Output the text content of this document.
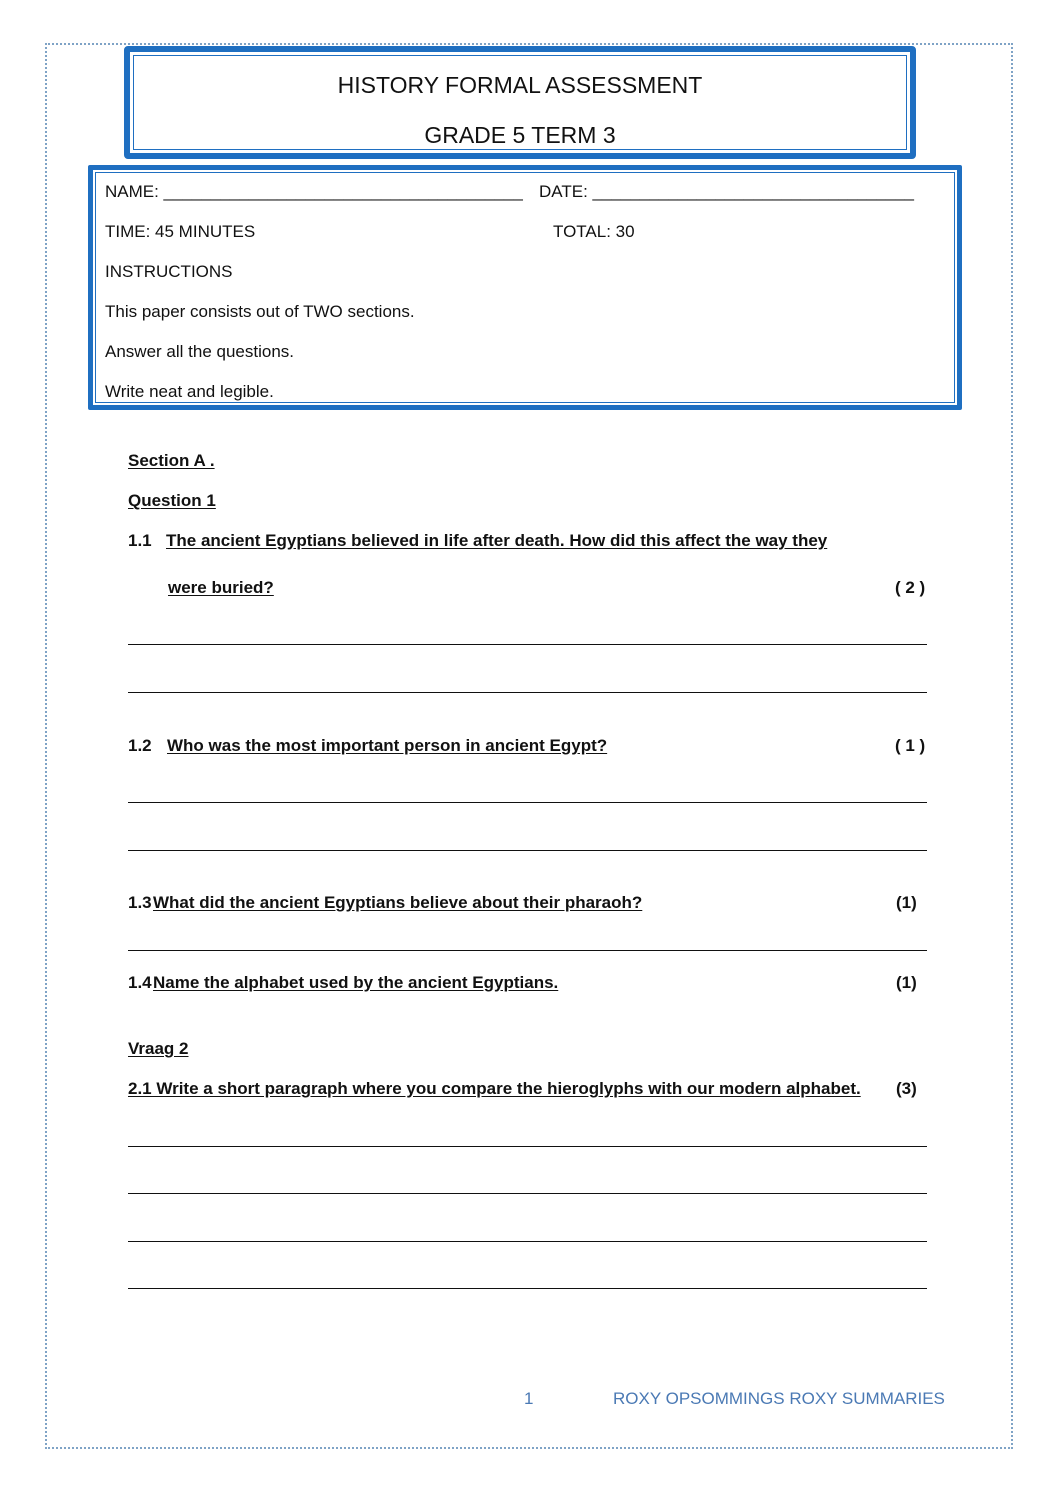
HISTORY FORMAL ASSESSMENT
GRADE 5 TERM 3
NAME: ______________________________________ DATE: __________________________________
TIME: 45 MINUTES	TOTAL: 30
INSTRUCTIONS
This paper consists out of TWO sections.
Answer all the questions.
Write neat and legible.
Section A .
Question 1
1.1 The ancient Egyptians believed in life after death. How did this affect the way they
were buried?	( 2 )
1.2 Who was the most important person in ancient Egypt?	( 1 )
1.3 What did the ancient Egyptians believe about their pharaoh?	(1)
1.4 Name the alphabet used by the ancient Egyptians.	(1)
Vraag 2
2.1 Write a short paragraph where you compare the hieroglyphs with our modern alphabet. (3)
1	ROXY OPSOMMINGS ROXY SUMMARIES
